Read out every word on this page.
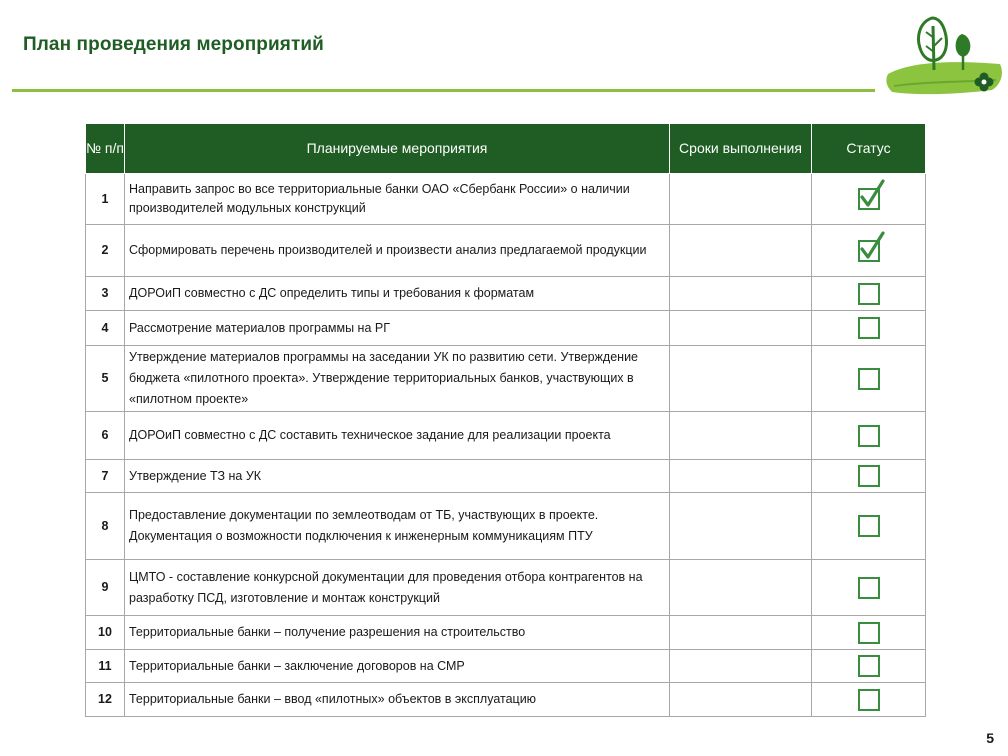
План проведения мероприятий
№ п/п	Планируемые мероприятия	Сроки выполнения	Статус
1	Направить запрос во все территориальные банки ОАО «Сбербанк России» о наличии производителей модульных конструкций		

2	Сформировать перечень производителей и произвести анализ предлагаемой продукции		

3	ДОРОиП совместно с ДС определить типы и требования к форматам		

4	Рассмотрение материалов программы на РГ		

5	Утверждение материалов программы на заседании УК по развитию сети. Утверждение бюджета «пилотного проекта». Утверждение территориальных банков, участвующих в «пилотном проекте»		

6	ДОРОиП совместно с ДС составить техническое задание для реализации проекта		

7	Утверждение ТЗ на УК		

8	Предоставление документации по землеотводам от ТБ, участвующих в проекте. Документация о возможности подключения к инженерным коммуникациям ПТУ		

9	ЦМТО - составление конкурсной документации для проведения отбора контрагентов на разработку ПСД, изготовление и монтаж конструкций		

10	Территориальные банки – получение разрешения на строительство		

11	Территориальные банки – заключение договоров на СМР		

12	Территориальные банки – ввод «пилотных» объектов в эксплуатацию		
5
